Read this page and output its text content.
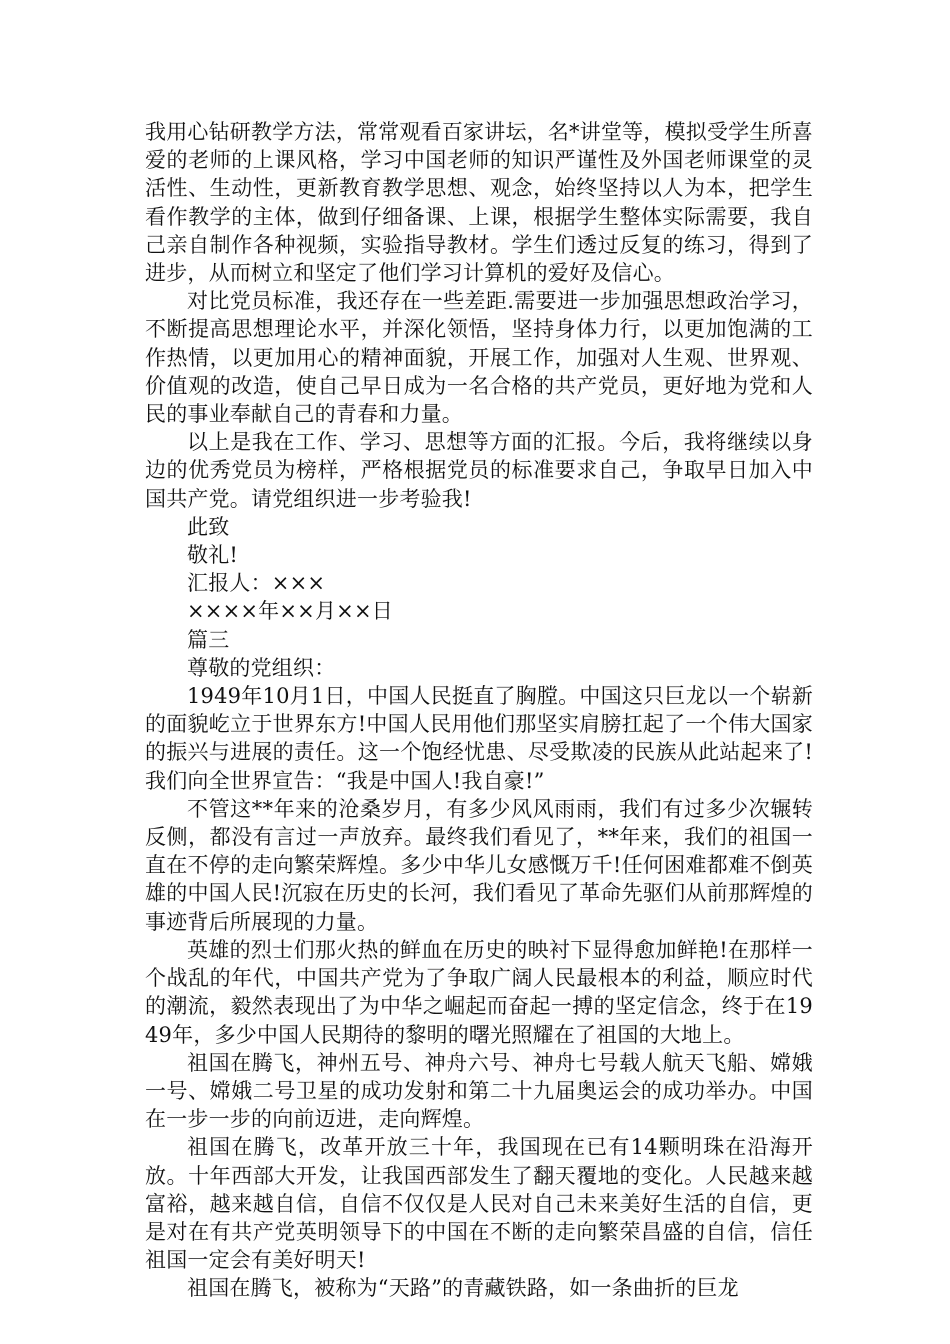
我用心钻研教学方法，常常观看百家讲坛，名*讲堂等，模拟受学生所喜爱的老师的上课风格，学习中国老师的知识严谨性及外国老师课堂的灵活性、生动性，更新教育教学思想、观念，始终坚持以人为本，把学生看作教学的主体，做到仔细备课、上课，根据学生整体实际需要，我自己亲自制作各种视频，实验指导教材。学生们透过反复的练习，得到了进步，从而树立和坚定了他们学习计算机的爱好及信心。

对比党员标准，我还存在一些差距.需要进一步加强思想政治学习，不断提高思想理论水平，并深化领悟，坚持身体力行，以更加饱满的工作热情，以更加用心的精神面貌，开展工作，加强对人生观、世界观、价值观的改造，使自己早日成为一名合格的共产党员，更好地为党和人民的事业奉献自己的青春和力量。

以上是我在工作、学习、思想等方面的汇报。今后，我将继续以身边的优秀党员为榜样，严格根据党员的标准要求自己，争取早日加入中国共产党。请党组织进一步考验我!

此致

敬礼!

汇报人：×××

××××年××月××日

篇三

尊敬的党组织：

1949年10月1日，中国人民挺直了胸膛。中国这只巨龙以一个崭新的面貌屹立于世界东方!中国人民用他们那坚实肩膀扛起了一个伟大国家的振兴与进展的责任。这一个饱经忧患、尽受欺凌的民族从此站起来了!我们向全世界宣告：“我是中国人!我自豪!”

不管这**年来的沧桑岁月，有多少风风雨雨，我们有过多少次辗转反侧，都没有言过一声放弃。最终我们看见了，**年来，我们的祖国一直在不停的走向繁荣辉煌。多少中华儿女感慨万千!任何困难都难不倒英雄的中国人民!沉寂在历史的长河，我们看见了革命先驱们从前那辉煌的事迹背后所展现的力量。

英雄的烈士们那火热的鲜血在历史的映衬下显得愈加鲜艳!在那样一个战乱的年代，中国共产党为了争取广阔人民最根本的利益，顺应时代的潮流，毅然表现出了为中华之崛起而奋起一搏的坚定信念，终于在1949年，多少中国人民期待的黎明的曙光照耀在了祖国的大地上。

祖国在腾飞，神州五号、神舟六号、神舟七号载人航天飞船、嫦娥一号、嫦娥二号卫星的成功发射和第二十九届奥运会的成功举办。中国在一步一步的向前迈进，走向辉煌。

祖国在腾飞，改革开放三十年，我国现在已有14颗明珠在沿海开放。十年西部大开发，让我国西部发生了翻天覆地的变化。人民越来越富裕，越来越自信，自信不仅仅是人民对自己未来美好生活的自信，更是对在有共产党英明领导下的中国在不断的走向繁荣昌盛的自信，信任祖国一定会有美好明天!

祖国在腾飞，被称为“天路”的青藏铁路，如一条曲折的巨龙
